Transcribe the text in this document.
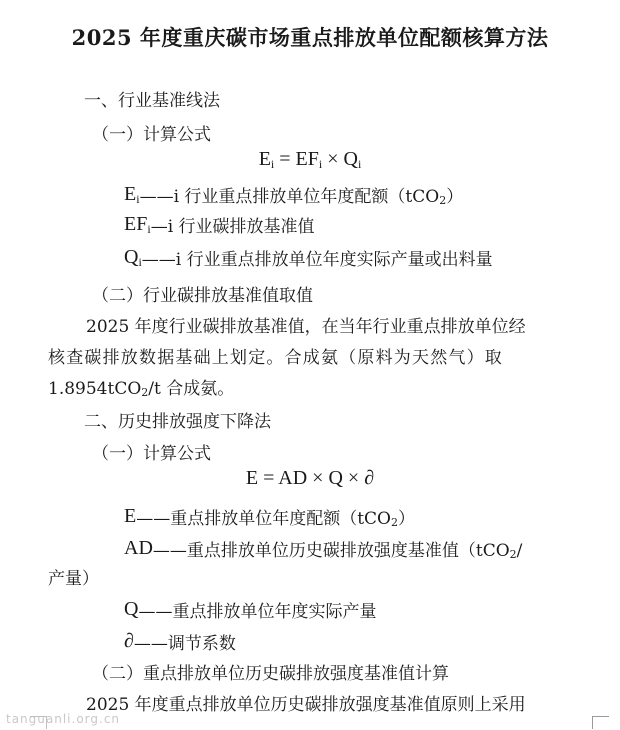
2025 年度重庆碳市场重点排放单位配额核算方法
一、行业基准线法
（一）计算公式
$E_i = EF_i \times Q_i$
$E_i——i$ 行业重点排放单位年度配额（tCO$_2$）
$EF_i—i$ 行业碳排放基准值
$Q_i——i$ 行业重点排放单位年度实际产量或出料量
（二）行业碳排放基准值取值
2025 年度行业碳排放基准值，在当年行业重点排放单位经
核查碳排放数据基础上划定。合成氨（原料为天然气）取
1.8954tCO$_2$/t 合成氨。
二、历史排放强度下降法
（一）计算公式
E = AD × Q × ∂
E——重点排放单位年度配额（tCO$_2$）
AD——重点排放单位历史碳排放强度基准值（tCO$_2$/
产量）
Q——重点排放单位年度实际产量
∂——调节系数
（二）重点排放单位历史碳排放强度基准值计算
2025 年度重点排放单位历史碳排放强度基准值原则上采用
tanguanli.org.cn
